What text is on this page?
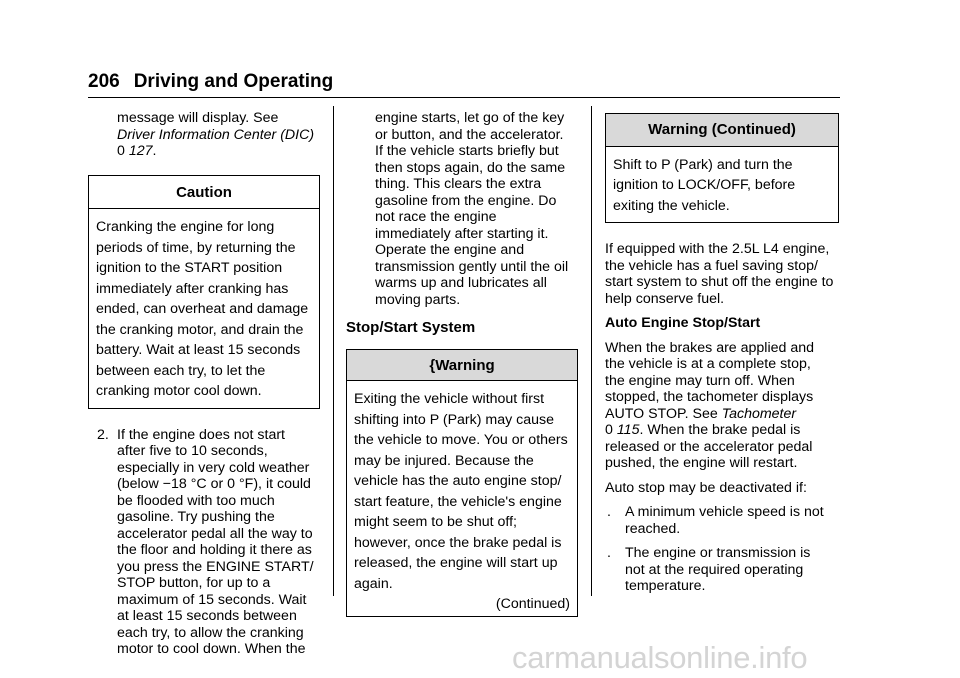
206 Driving and Operating

message will display. See

Driver Information Center (DIC)

0 127.

Caution

Cranking the engine for long

periods of time, by returning the

ignition to the START position

immediately after cranking has

ended, can overheat and damage

the cranking motor, and drain the

battery. Wait at least 15 seconds

between each try, to let the

cranking motor cool down.

2. If the engine does not start

after five to 10 seconds,

especially in very cold weather

(below −18 °C or 0 °F), it could

be flooded with too much

gasoline. Try pushing the

accelerator pedal all the way to

the floor and holding it there as

you press the ENGINE START/

STOP button, for up to a

maximum of 15 seconds. Wait

at least 15 seconds between

each try, to allow the cranking

motor to cool down. When the

engine starts, let go of the key

or button, and the accelerator.

If the vehicle starts briefly but

then stops again, do the same

thing. This clears the extra

gasoline from the engine. Do

not race the engine

immediately after starting it.

Operate the engine and

transmission gently until the oil

warms up and lubricates all

moving parts.

Stop/Start System
{Warning

Exiting the vehicle without first

shifting into P (Park) may cause

the vehicle to move. You or others

may be injured. Because the

vehicle has the auto engine stop/

start feature, the vehicle's engine

might seem to be shut off;

however, once the brake pedal is

released, the engine will start up

again.

(Continued)

Warning (Continued)

Shift to P (Park) and turn the

ignition to LOCK/OFF, before

exiting the vehicle.

If equipped with the 2.5L L4 engine,

the vehicle has a fuel saving stop/

start system to shut off the engine to

help conserve fuel.

Auto Engine Stop/Start

When the brakes are applied and

the vehicle is at a complete stop,

the engine may turn off. When

stopped, the tachometer displays

AUTO STOP. See Tachometer

0 115. When the brake pedal is

released or the accelerator pedal

pushed, the engine will restart.

Auto stop may be deactivated if:

. A minimum vehicle speed is not

reached.

. The engine or transmission is

not at the required operating

temperature.

carmanualsonline.info
